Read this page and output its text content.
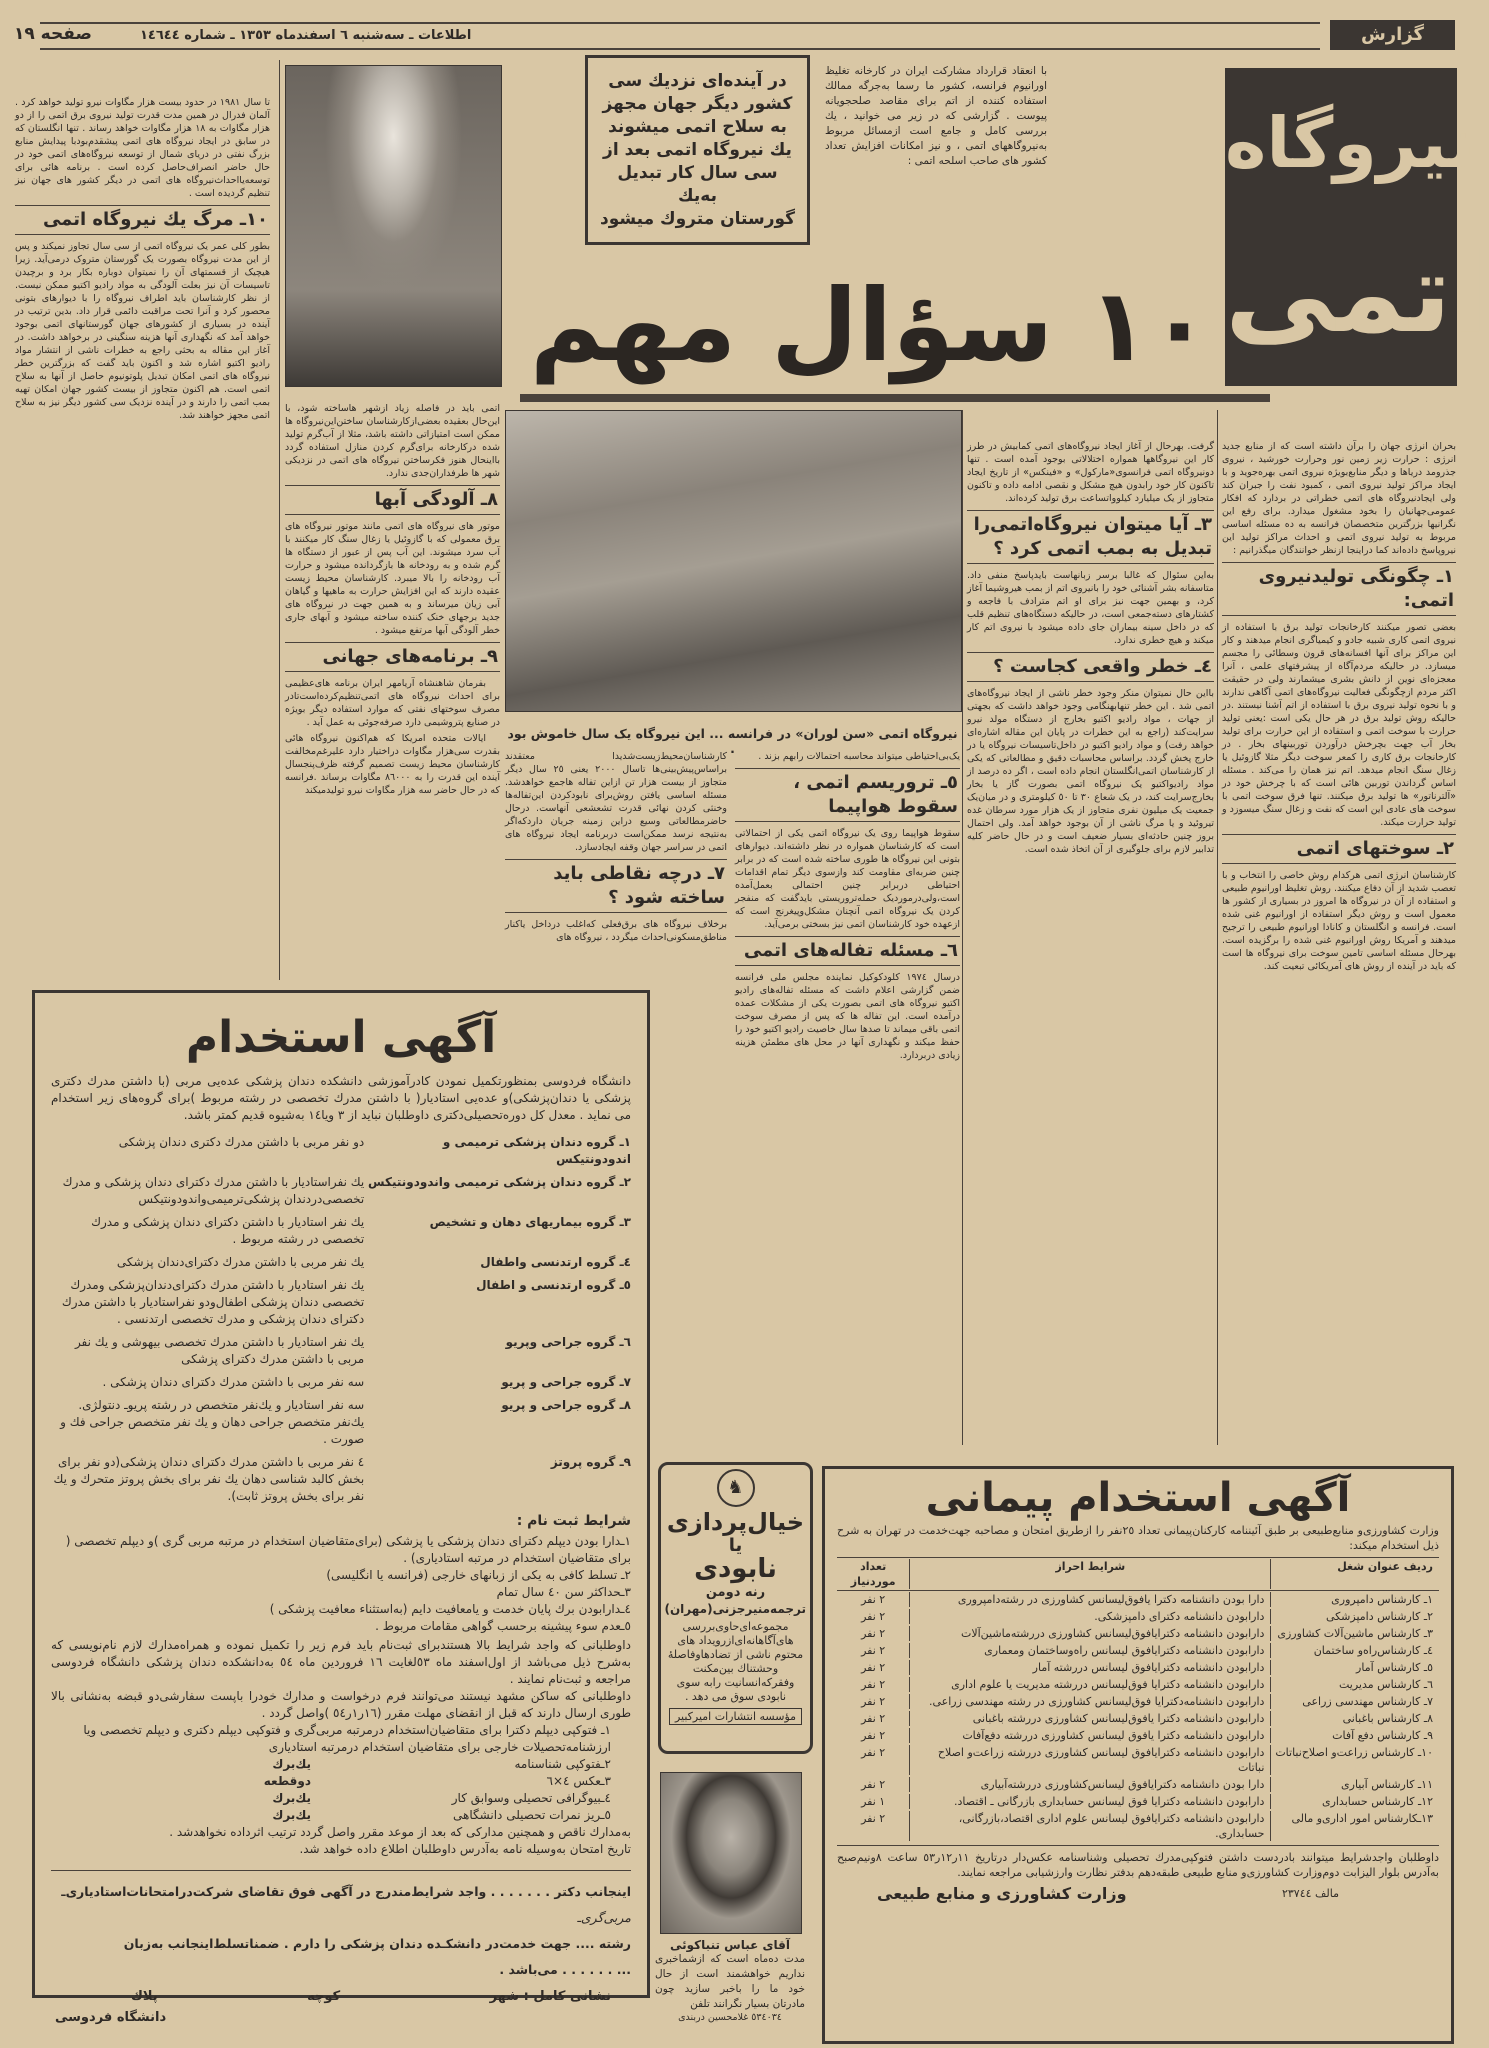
گزارش
اطلاعات ـ سه‌شنبه ٦ اسفندماه ١٣٥٣ ـ شماره ١٤٦٤٤
صفحه ١٩
نیروگاه
اتمی
با انعقاد قرارداد مشارکت ایران در کارخانه تغلیظ اورانیوم فرانسه، کشور ما رسما به‌جرگه ممالك استفاده کننده از اتم برای مقاصد صلحجویانه پیوست . گزارشی که در زیر می خوانید ، یك بررسی کامل و جامع است ازمسائل مربوط به‌نیروگاههای اتمی ، و نیز امکانات افزایش تعداد کشور های صاحب اسلحه اتمی :
١٠ سؤال مهم
در آینده‌ای نزدیك سی
کشور دیگر جهان مجهز
به سلاح اتمی میشوند
یك نیروگاه اتمی بعد از
سی سال کار تبدیل به‌یك
گورستان متروك میشود
تا سال ١٩٨١ در حدود بیست هزار مگاوات نیرو تولید خواهد کرد . آلمان فدرال در همین مدت قدرت تولید نیروی برق اتمی را از دو هزار مگاوات به ١٨ هزار مگاوات خواهد رساند . تنها انگلستان که در سابق در ایجاد نیروگاه های اتمی پیشقدم‌بودبا پیدایش منابع بزرگ نفتی در دریای شمال از توسعه نیروگاه‌های اتمی خود در حال حاضر انصراف‌حاصل کرده است . برنامه هائی برای توسعه‌یااحداث‌نیروگاه های اتمی در دیگر کشور های جهان نیز تنظیم گردیده است .
١٠ـ مرگ یك نیروگاه اتمی
بطور کلی عمر یک نیروگاه اتمی از سی سال تجاوز نمیکند و پس از این مدت نیروگاه بصورت یک گورستان متروک درمی‌آید. زیرا هیچیک از قسمتهای آن را نمیتوان دوباره بکار برد و برچیدن تاسیسات آن نیز بعلت آلودگی به مواد رادیو اکتیو ممکن نیست. از نظر کارشناسان باید اطراف نیروگاه را با دیوارهای بتونی محصور کرد و آنرا تحت مراقبت دائمی قرار داد. بدین ترتیب در آینده در بسیاری از کشورهای جهان گورستانهای اتمی بوجود خواهد آمد که نگهداری آنها هزینه سنگینی در برخواهد داشت. در آغاز این مقاله به بحثی راجع به خطرات ناشی از انتشار مواد رادیو اکتیو اشاره شد و اکنون باید گفت که بزرگترین خطر نیروگاه های اتمی امکان تبدیل پلوتونیوم حاصل از آنها به سلاح اتمی است. هم اکنون متجاوز از بیست کشور جهان امکان تهیه بمب اتمی را دارند و در آینده نزدیک سی کشور دیگر نیز به سلاح اتمی مجهز خواهند شد.
اتمی باید در فاصله زیاد ازشهر هاساخته شود، با این‌حال بعقیده بعضی‌از‌کارشناسان ساختن‌این‌نیروگاه ها ممکن است امتیازاتی داشته باشد، مثلا از آب‌گرم تولید شده درکارخانه برای‌گرم کردن منازل استفاده گردد بااینحال هنوز فکرساختن نیروگاه های اتمی در نزدیکی شهر ها طرفداران‌جدی ندارد.
٨ـ آلودگی آبها
موتور های نیروگاه های اتمی مانند موتور نیروگاه های برق معمولی که با گازوئیل یا زغال سنگ کار میکنند با آب سرد میشوند. این آب پس از عبور از دستگاه ها گرم شده و به رودخانه ها بازگردانده میشود و حرارت آب رودخانه را بالا میبرد. کارشناسان محیط زیست عقیده دارند که این افزایش حرارت به ماهیها و گیاهان آبی زیان میرساند و به همین جهت در نیروگاه های جدید برجهای خنک کننده ساخته میشود و آبهای جاری خطر آلودگی آبها مرتفع میشود .
٩ـ برنامه‌های جهانی

بفرمان شاهنشاه آریامهر ایران برنامه های‌عظیمی برای احداث نیروگاه های اتمی‌تنظیم‌کرده‌است‌تادر مصرف سوختهای نفتی که موارد استفاده دیگر بویژه در صنایع پتروشیمی دارد صرفه‌جوئی به عمل آید .

ایالات متحده امریکا که هم‌اکنون نیروگاه هائی بقدرت سی‌هزار مگاوات دراختیار دارد علیرغم‌مخالفت کارشناسان محیط زیست تصمیم گرفته ظرف‌پنجسال آینده این قدرت را به ٨٦٠٠٠ مگاوات برساند .فرانسه که در حال حاضر سه هزار مگاوات نیرو تولیدمیکند

نیروگاه اتمی «سن لوران» در فرانسه ... این نیروگاه یک سال خاموش بود .
کارشناسان‌محیط‌زیست‌شدیدا معتقدند براساس‌پیش‌بینی‌ها تاسال ٢٠٠٠ یعنی ٢٥ سال دیگر متجاوز از بیست هزار تن ازاین تفاله هاجمع خواهدشد. مسئله اساسی یافتن روش‌برای نابودکردن این‌تفاله‌ها وخنثی کردن نهائی قدرت تشعشعی آنهاست. درحال حاضرمطالعاتی وسیع دراین زمینه جریان داردکه‌اگر به‌نتیجه نرسد ممکن‌است دربرنامه ایجاد نیروگاه های اتمی در سراسر جهان وقفه ایجادسازد.
٧ـ درچه نقاطی باید ساخته شود ؟
برخلاف نیروگاه های برق‌فعلی که‌اغلب درداخل یاکنار مناطق‌مسکونی‌احداث میگردد ، نیروگاه های
یک‌بی‌احتیاطی میتواند محاسبه احتمالات رابهم بزند .
٥ـ تروریسم اتمی ، سقوط هواپیما
سقوط هواپیما روی یک نیروگاه اتمی یکی از احتمالاتی است که کارشناسان همواره در نظر داشته‌اند. دیوارهای بتونی این نیروگاه ها طوری ساخته شده است که در برابر چنین ضربه‌ای مقاومت کند وازسوی دیگر تمام اقدامات احتیاطی دربرابر چنین احتمالی بعمل‌آمده است،ولی‌درمورد‌یک حمله‌تروریستی بایدگفت که منفجر کردن یک نیروگاه اتمی آنچنان مشکل‌وپیغرنج است که ازعهده خود کارشناسان اتمی نیز بسختی برمی‌آید.
٦ـ مسئله تفاله‌های اتمی
درسال ١٩٧٤ کلودکوکیل نماینده مجلس ملی فرانسه ضمن گزارشی اعلام داشت که مسئله تفاله‌های رادیو اکتیو نیروگاه های اتمی بصورت یکی از مشکلات عمده درآمده است. این تفاله ها که پس از مصرف سوخت اتمی باقی میماند تا صدها سال خاصیت رادیو اکتیو خود را حفظ میکند و نگهداری آنها در محل های مطمئن هزینه زیادی دربردارد.
گرفت. بهرحال از آغاز ایجاد نیروگاه‌های اتمی کمابیش در طرز کار این نیروگاهها همواره اختلالاتی بوجود آمده است . تنها دونیروگاه اتمی فرانسوی«مارکول» و «فینکس» از تاریخ ایجاد تاکنون کار خود رابدون هیچ مشکل و نقصی ادامه داده و تاکنون متجاوز از یک میلیارد کیلوواتساعت برق تولید کرده‌اند.
٣ـ آیا میتوان نیروگاه‌اتمی‌را تبدیل به بمب اتمی کرد ؟
به‌این سئوال که غالبا برسر زبانهاست بایدپاسخ منفی داد. متاسفانه بشر آشنائی خود را بانیروی اتم از بمب هیروشیما آغاز کرد، و بهمین جهت نیز برای او اتم مترادف با فاجعه و کشتارهای دسته‌جمعی است، در حالیکه دستگاه‌های تنظیم قلب که در داخل سینه بیماران جای داده میشود با نیروی اتم کار میکند و هیچ خطری ندارد.
٤ـ خطر واقعی کجاست ؟
بااین حال نمیتوان منکر وجود خطر ناشی از ایجاد نیروگاه‌های اتمی شد . این خطر تنهابهنگامی وجود خواهد داشت که بجهتی از جهات ، مواد رادیو اکتیو بخارج از دستگاه مولد نیرو سرایت‌کند (راجع به این خطرات در پایان این مقاله اشاره‌ای خواهد رفت) و مواد رادیو اکتیو در داخل‌تاسیسات نیروگاه یا در خارج پخش گردد. براساس محاسبات دقیق و مطالعاتی که یکی از کارشناسان اتمی‌انگلستان انجام داده است ، اگر ده درصد از مواد رادیواکتیو یک نیروگاه اتمی بصورت گاز یا بخار بخارج‌سرایت کند، در یک شعاع ٣٠ تا ٥٠ کیلومتری و در میان‌یک جمعیت یک میلیون نفری متجاوز از یک هزار مورد سرطان غده تیروئید و یا مرگ ناشی از آن بوجود خواهد آمد. ولی احتمال بروز چنین حادثه‌ای بسیار ضعیف است و در حال حاضر کلیه تدابیر لازم برای جلوگیری از آن اتخاذ شده است.
بحران انرژی جهان را برآن داشته است که از منابع جدید انرژی : حرارت زیر زمین نور وحرارت خورشید ، نیروی جذرومد دریاها و دیگر منابع‌بویژه نیروی اتمی بهره‌جوید و با ایجاد مراکز تولید نیروی اتمی ، کمبود نفت را جبران کند ولی ایجادنیروگاه های اتمی خطراتی در بردارد که افکار عمومی‌جهانیان را بخود مشغول میدارد. برای رفع این نگرانیها بزرگترین متخصصان فرانسه به ده مسئله اساسی مربوط به تولید نیروی اتمی و احداث مراکز تولید این نیروپاسخ داده‌اند کما دراینجا ازنظر خوانندگان میگذرانیم :
١ـ چگونگی تولیدنیروی اتمی:
بعضی تصور میکنند کارخانجات تولید برق با استفاده از نیروی اتمی کاری شبیه جادو و کیمیاگری انجام میدهند و کار این مراکز برای آنها افسانه‌های قرون وسطائی را مجسم میسازد. در حالیکه مردم‌آگاه از پیشرفتهای علمی ، آنرا معجزه‌ای نوین از دانش بشری میشمارند ولی در حقیقت اکثر مردم ازچگونگی فعالیت نیروگاه‌های اتمی آگاهی ندارند و با نحوه تولید نیروی برق با استفاده از اتم آشنا نیستند .در حالیکه روش تولید برق در هر حال یکی است :یعنی تولید حرارت با سوخت اتمی و استفاده از این حرارت برای تولید بخار آب جهت بچرخش درآوردن توربینهای بخار . در کارخانجات برق کاری را کمعر سوخت دیگر مثلا گازوئیل یا زغال سنگ انجام میدهد. اتم نیز همان را می‌کند . مسئله اساس گرداندن توربین هائی است که با چرخش خود در «آلترناتور» ها تولید برق میکنند. تنها فرق سوخت اتمی با سوخت های عادی این است که نفت و زغال سنگ میسوزد و تولید حرارت میکند.
٢ـ سوختهای اتمی
کارشناسان انرژی اتمی هرکدام روش خاصی را انتخاب و با تعصب شدید از آن دفاع میکنند. روش تغلیظ اورانیوم طبیعی و استفاده از آن در نیروگاه ها امروز در بسیاری از کشور ها معمول است و روش دیگر استفاده از اورانیوم غنی شده است. فرانسه و انگلستان و کانادا اورانیوم طبیعی را ترجیح میدهند و آمریکا روش اورانیوم غنی شده را برگزیده است. بهرحال مسئله اساسی تامین سوخت برای نیروگاه ها است که باید در آینده از روش های آمریکائی تبعیت کند.
آگهی استخدام
دانشگاه فردوسی بمنظورتکمیل نمودن کادرآموزشی دانشکده دندان پزشکی عده‌یی مربی (با داشتن مدرك دکتری پزشکی یا دندان‌پزشکی)و عده‌یی استادیار( با داشتن مدرك تخصصی در رشته مربوط )برای گروه‌های زیر استخدام می نماید . معدل کل دوره‌تحصیلی‌دکتری داوطلبان نباید از ٣ ویا١٤ به‌شیوه قدیم کمتر باشد.
١ـ گروه دندان پزشکی ترمیمی و اندودونتیکس
دو نفر مربی با داشتن مدرك دکتری دندان پزشکی
٢ـ گروه دندان پزشکی ترمیمی واندودونتیکس
یك نفراستادیار با داشتن مدرك دکترای دندان پزشکی و مدرك تخصصی‌دردندان پزشکی‌ترمیمی‌واندودونتیکس
٣ـ گروه بیماریهای دهان و تشخیص
یك نفر استادیار با داشتن دکترای دندان پزشکی و مدرك تخصصی در رشته مربوط .
٤ـ گروه ارتدنسی واطفال
یك نفر مربی با داشتن مدرك دکترای‌دندان پزشکی
٥ـ گروه ارتدنسی و اطفال
یك نفر استادیار با داشتن مدرك دکترای‌دندان‌پزشکی ومدرك تخصصی دندان پزشکی اطفال‌ودو نفراستادیار با داشتن مدرك دکترای دندان پزشکی و مدرك تخصصی ارتدنسی .
٦ـ گروه جراحی وپریو
یك نفر استادیار با داشتن مدرك تخصصی بیهوشی و یك نفر مربی با داشتن مدرك دکترای پزشکی
٧ـ گروه جراحی و پریو
سه نفر مربی با داشتن مدرك دکترای دندان پزشکی .
٨ـ گروه جراحی و پریو
سه نفر استادیار و یك‌نفر متخصص در رشته پریوـ دنتولژی. یك‌نفر متخصص جراحی دهان و یك نفر متخصص جراحی فك و صورت .
٩ـ گروه پروتز
٤ نفر مربی با داشتن مدرك دکترای دندان پزشکی(دو نفر برای بخش کالبد شناسی دهان یك نفر برای بخش پروتز متحرك و یك نفر برای بخش پروتز ثابت).
شرایط ثبت نام :
١ـدارا بودن دیپلم دکترای دندان پزشکی یا پزشکی (برای‌متقاضیان استخدام در مرتبه مربی گری )و دیپلم تخصصی ( برای متقاضیان استخدام در مرتبه استادیاری) .
٢ـ تسلط کافی به یکی از زبانهای خارجی (فرانسه یا انگلیسی)
٣ـحداکثر سن ٤٠ سال تمام
٤ـدارابودن برك پایان خدمت و یامعافیت دایم (به‌استثناء معافیت پزشکی )
٥ـعدم سوء پیشینه برحسب گواهی مقامات مربوط .
داوطلبانی که واجد شرایط بالا هستندبرای ثبت‌نام باید فرم زیر را تکمیل نموده و همراه‌مدارك لازم نام‌نویسی که به‌شرح ذیل می‌باشد از اول‌اسفند ماه ٥٣لغایت ١٦ فروردین ماه ٥٤ به‌دانشکده دندان پزشکی دانشگاه فردوسی مراجعه و ثبت‌نام نمایند .
داوطلبانی که ساکن مشهد نیستند می‌توانند فرم درخواست و مدارك خودرا باپست سفارشی‌دو قبضه به‌نشانی بالا طوری ارسال دارند که قبل از انقضای مهلت مقرر (١٦ر١ر٥٤ )واصل گردد .
١ـ فتوکپی دیپلم دکترا برای متقاضیان‌استخدام درمرتبه مربی‌گری و فتوکپی دیپلم دکتری و دیپلم تخصصی ویا ارزشنامه‌تحصیلات خارجی برای متقاضیان استخدام درمرتبه استادیاری
٢ـفتوکپی شناسنامه
یك‌برك
٣ـعکس ٤×٦
دوقطعه
٤ـبیوگرافی تحصیلی وسوابق کار
یك‌برك
٥ـریز نمرات تحصیلی دانشگاهی
یك‌برك
به‌مدارك ناقص و همچنین مدارکی که بعد از موعد مقرر واصل گردد ترتیب اثرداده نخواهدشد .
تاریخ امتحان به‌وسیله نامه به‌آدرس داوطلبان اطلاع داده خواهد شد.
اینجانب دکتر . . . . . . . واجد شرایط‌مندرج در آگهی فوق تقاضای شرکت‌درامتحانات‌استادیاری‌ـ
مربی‌گری‌ـ
رشته .... جهت خدمت‌در دانشکـده دندان پزشکی را دارم . ضمنا‌تسلط‌اینجانب به‌زبان
... . . . . . . می‌باشد .
نشانی کامل : شهر
کوچه
پلاك
دانشگاه فردوسی
♞
خیال‌پردازی
یا
نابودی
رنه دومن
ترجمه‌منیرجزنی(مهران)
مجموعه‌ای‌حاوی‌بررسی های‌آگاهانه‌ای‌ازرویداد های محتوم ناشی از تضادهاوفاصلهٔ وحشتناك بین‌مکنت وفقرکه‌انسانیت رابه سوی نابودی سوق می دهد .
مؤسسه انتشارات امیرکبیر
آقای عباس تنباکوئی
مدت ده‌ماه است که ازشماخبری نداریم خواهشمند است از حال خود ما را باخبر سازید چون مادرتان بسیار نگرانند تلفن
٥٣٤٠٣٤ غلامحسین دربندی
آگهی استخدام پیمانی
وزارت کشاورزی‌و منابع‌طبیعی بر طبق آئیننامه کارکنان‌پیمانی تعداد ٢٥نفر را ازطریق امتحان و مصاحبه جهت‌خدمت در تهران به شرح ذیل استخدام میکند:
ردیف عنوان شغل
شرایط احراز
تعداد موردنیاز
١ـ کارشناس دامپروری
دارا بودن دانشنامه دکترا یافوق‌لیسانس کشاورزی در رشته‌دامپروری
٢ نفر
٢ـ کارشناس دامپزشکی
دارابودن دانشنامه دکترای دامپزشکی.
٢ نفر
٣ـ کارشناس ماشین‌آلات کشاورزی
دارابودن دانشنامه دکترایافوق‌لیسانس کشاورزی دررشته‌ماشین‌آلات
٢ نفر
٤ـ کارشناس‌راه‌و ساختمان
دارابودن دانشنامه دکترایافوق لیسانس راه‌وساختمان ومعماری
٢ نفر
٥ـ کارشناس آمار
دارابودن دانشنامه دکترایافوق لیسانس دررشته آمار
٢ نفر
٦ـ کارشناس مدیریت
دارابودن دانشنامه دکترایا فوق‌لیسانس دررشته مدیریت یا علوم اداری
٢ نفر
٧ـ کارشناس مهندسی زراعی
دارابودن دانشنامه‌دکترایا فوق‌لیسانس کشاورزی در رشته مهندسی زراعی.
٢ نفر
٨ـ کارشناس باغبانی
دارابودن دانشنامه دکترا یافوق‌لیسانس کشاورزی دررشته باغبانی
٢ نفر
٩ـ کارشناس دفع آفات
دارابودن دانشنامه دکترا یافوق لیسانس کشاورزی دررشته دفع‌آفات
٢ نفر
١٠ـ کارشناس زراعت‌و اصلاح‌نباتات
دارابودن دانشنامه دکترایافوق لیسانس کشاورزی دررشته زراعت‌و اصلاح نباتات
٢ نفر
١١ـ کارشناس آبیاری
دارا بودن دانشنامه دکترایافوق لیسانس‌کشاورزی دررشته‌آبیاری
٢ نفر
١٢ـ کارشناس حسابداری
دارابودن دانشنامه دکترایا فوق لیسانس حسابداری بازرگانی ـ اقتصاد.
١ نفر
١٣ـکارشناس امور اداری‌و مالی
دارابودن دانشنامه دکترایافوق لیسانس علوم اداری اقتصاد،بازرگانی، حسابداری.
٢ نفر
داوطلبان واجدشرایط میتوانند بادردست داشتن فتوکپی‌مدرك تحصیلی وشناسنامه عکس‌دار درتاریخ ١١ر١٢ر٥٣ ساعت ٨ونیم‌صبح به‌آدرس بلوار الیزابت دوم‌وزارت کشاورزی‌و منابع طبیعی طبقه‌دهم بدفتر نظارت وارزشیابی مراجعه نمایند.
مالف ٢٣٧٤٤
وزارت کشاورزی و منابع طبیعی
